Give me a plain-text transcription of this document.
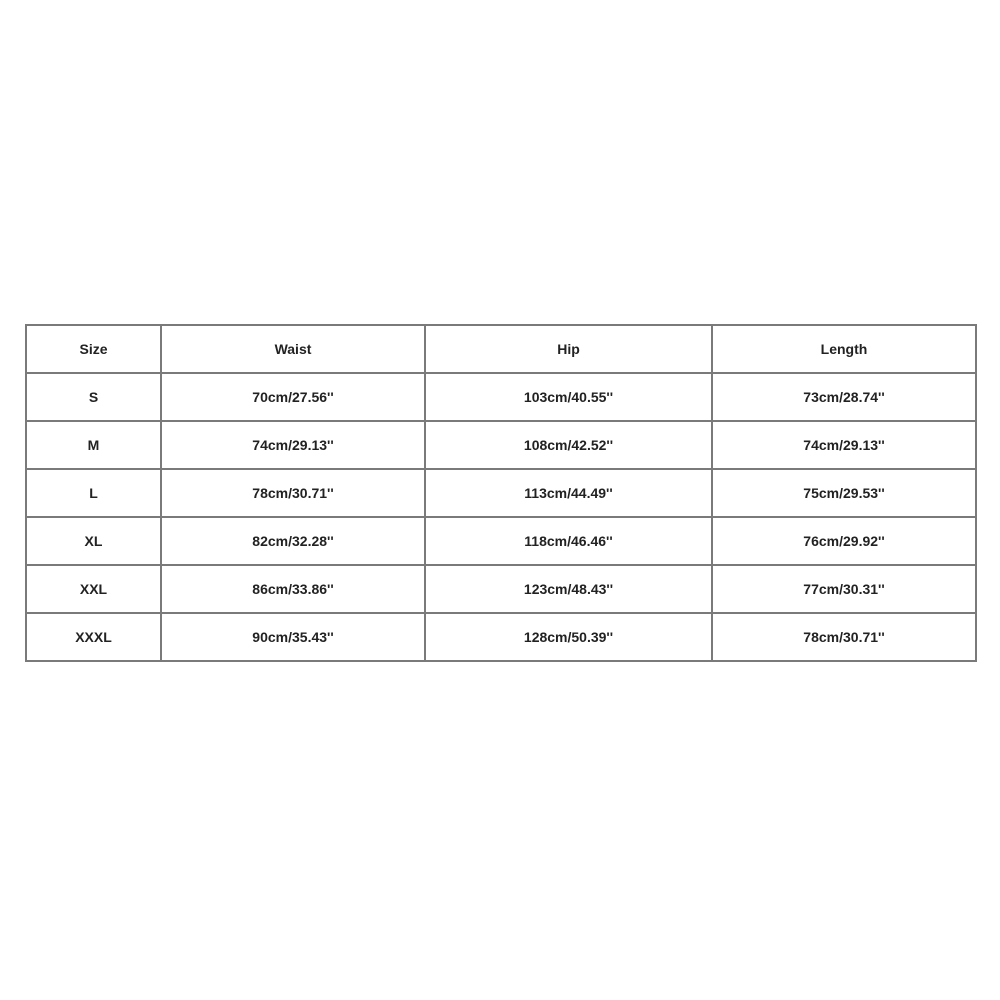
Size	Waist	Hip	Length
S	70cm/27.56''	103cm/40.55''	73cm/28.74''
M	74cm/29.13''	108cm/42.52''	74cm/29.13''
L	78cm/30.71''	113cm/44.49''	75cm/29.53''
XL	82cm/32.28''	118cm/46.46''	76cm/29.92''
XXL	86cm/33.86''	123cm/48.43''	77cm/30.31''
XXXL	90cm/35.43''	128cm/50.39''	78cm/30.71''
